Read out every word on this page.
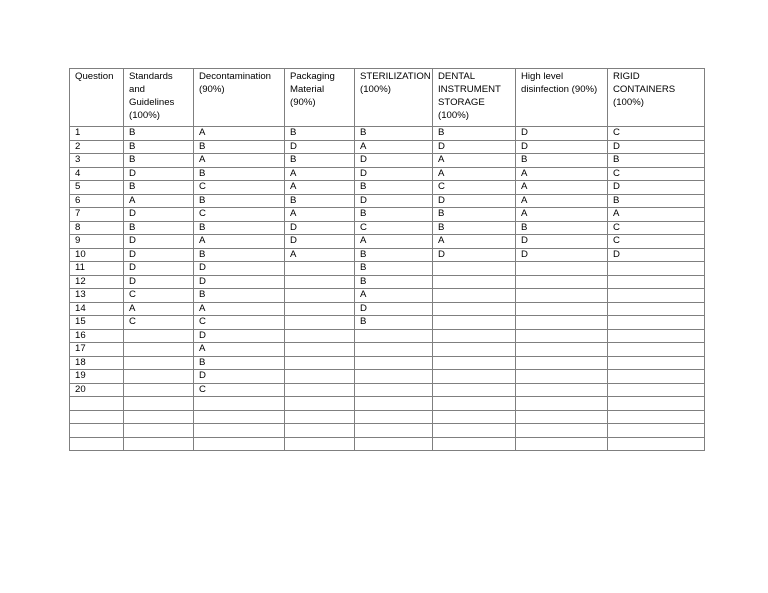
Question	Standards and Guidelines (100%)	Decontamination (90%)	Packaging Material (90%)	STERILIZATION (100%)	DENTAL INSTRUMENT STORAGE (100%)	High level disinfection (90%)	RIGID CONTAINERS (100%)
1	B	A	B	B	B	D	C
2	B	B	D	A	D	D	D
3	B	A	B	D	A	B	B
4	D	B	A	D	A	A	C
5	B	C	A	B	C	A	D
6	A	B	B	D	D	A	B
7	D	C	A	B	B	A	A
8	B	B	D	C	B	B	C
9	D	A	D	A	A	D	C
10	D	B	A	B	D	D	D
11	D	D		B			
12	D	D		B			
13	C	B		A			
14	A	A		D			
15	C	C		B			
16		D					
17		A					
18		B					
19		D					
20		C					
